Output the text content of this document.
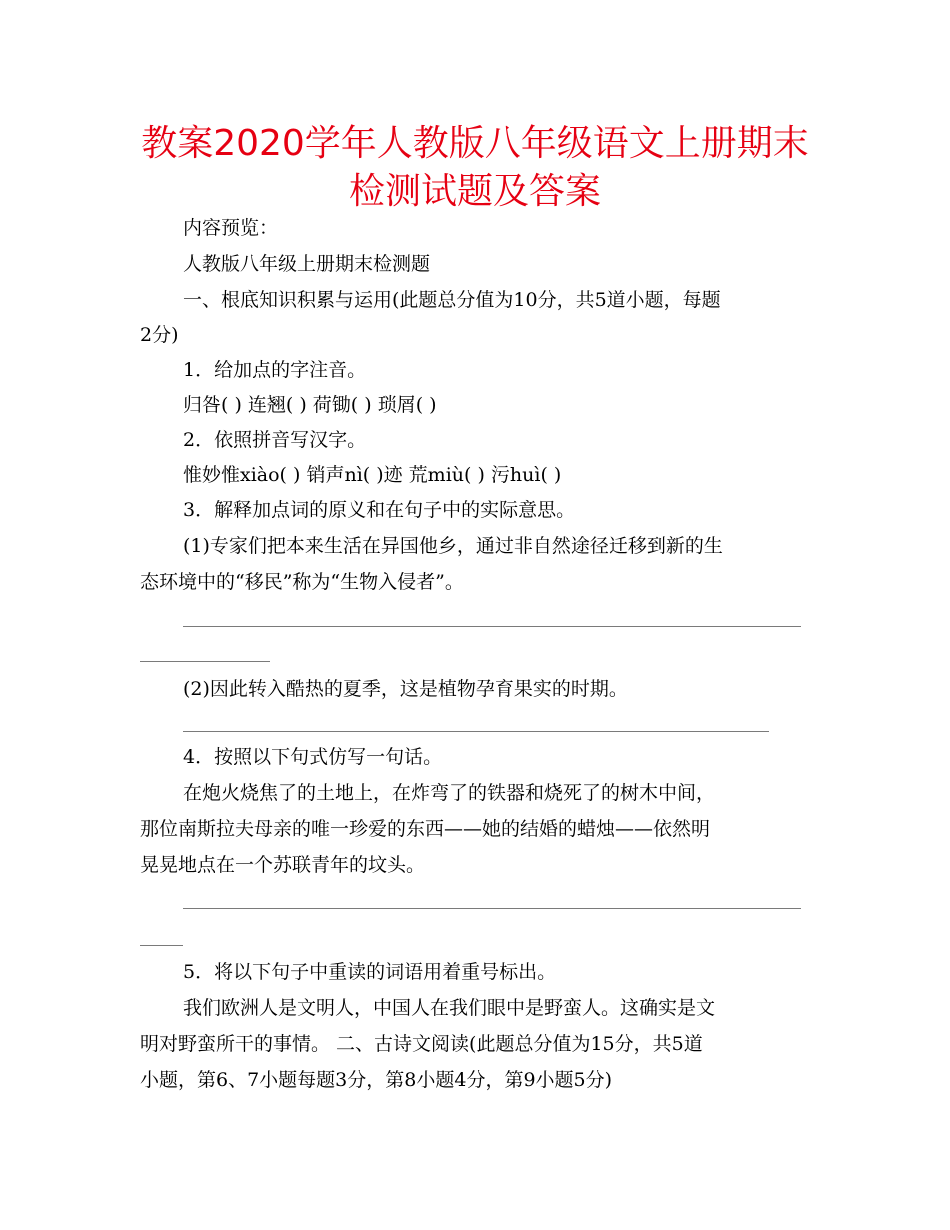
教案2020学年人教版八年级语文上册期末
检测试题及答案

内容预览：

人教版八年级上册期末检测题

一、根底知识积累与运用(此题总分值为10分，共5道小题，每题

2分)

1．给加点的字注音。

归咎( ) 连翘( ) 荷锄( ) 琐屑( )

2．依照拼音写汉字。

惟妙惟xiào( ) 销声nì( )迹 荒miù( ) 污huì( )

3．解释加点词的原义和在句子中的实际意思。

(1)专家们把本来生活在异国他乡，通过非自然途径迁移到新的生

态环境中的“移民”称为“生物入侵者”。

(2)因此转入酷热的夏季，这是植物孕育果实的时期。

4．按照以下句式仿写一句话。

在炮火烧焦了的土地上，在炸弯了的铁器和烧死了的树木中间，

那位南斯拉夫母亲的唯一珍爱的东西——她的结婚的蜡烛——依然明

晃晃地点在一个苏联青年的坟头。

5．将以下句子中重读的词语用着重号标出。

我们欧洲人是文明人，中国人在我们眼中是野蛮人。这确实是文

明对野蛮所干的事情。 二、古诗文阅读(此题总分值为15分，共5道

小题，第6、7小题每题3分，第8小题4分，第9小题5分)
